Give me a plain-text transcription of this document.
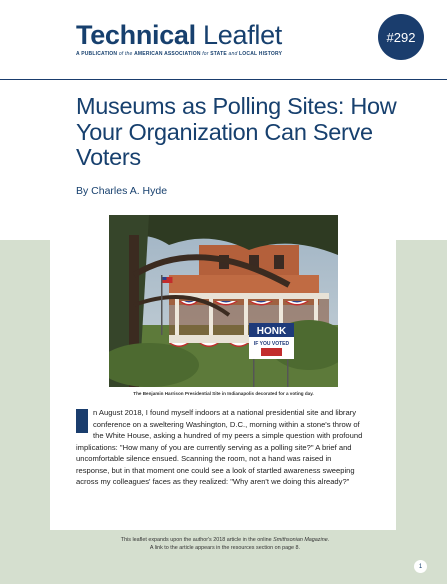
Technical Leaflet
A PUBLICATION of the AMERICAN ASSOCIATION for STATE and LOCAL HISTORY
#292
Museums as Polling Sites: How Your Organization Can Serve Voters
By Charles A. Hyde
HONK
IF YOU VOTED
The Benjamin Harrison Presidential Site in Indianapolis decorated for a voting day.

n August 2018, I found myself indoors at a national presidential site and library conference on a sweltering Washington, D.C., morning within a stone's throw of the White House, asking a hundred of my peers a simple question with profound implications: "How many of you are currently serving as a polling site?" A brief and uncomfortable silence ensued. Scanning the room, not a hand was raised in response, but in that moment one could see a look of startled awareness sweeping across my colleagues' faces as they realized: "Why aren't we doing this already?"

This leaflet expands upon the author's 2018 article in the online Smithsonian Magazine.
A link to the article appears in the resources section on page 8.
1
